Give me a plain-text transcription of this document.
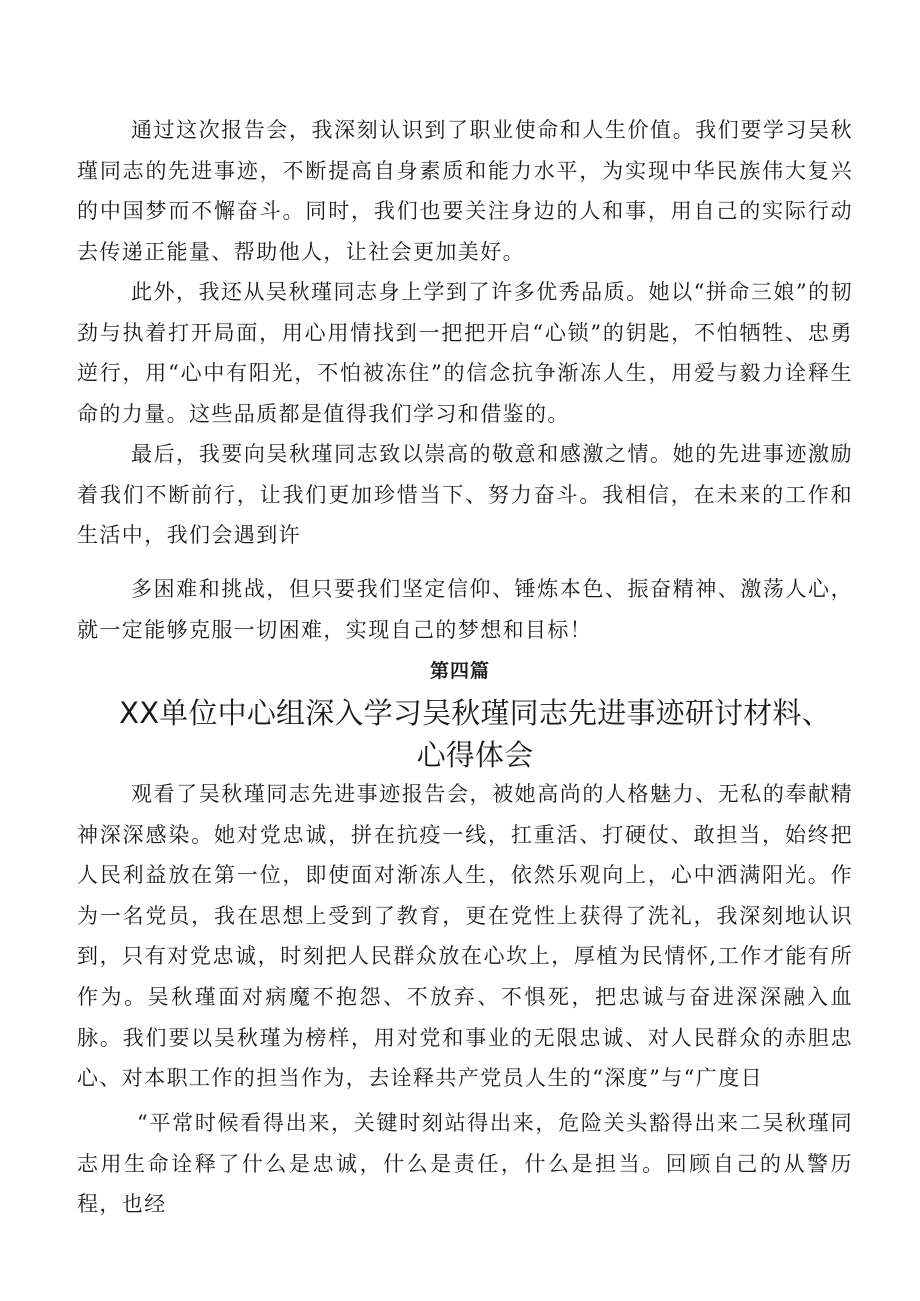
通过这次报告会，我深刻认识到了职业使命和人生价值。我们要学习吴秋瑾同志的先进事迹，不断提高自身素质和能力水平，为实现中华民族伟大复兴的中国梦而不懈奋斗。同时，我们也要关注身边的人和事，用自己的实际行动去传递正能量、帮助他人，让社会更加美好。

此外，我还从吴秋瑾同志身上学到了许多优秀品质。她以“拼命三娘”的韧劲与执着打开局面，用心用情找到一把把开启“心锁”的钥匙，不怕牺牲、忠勇逆行，用“心中有阳光，不怕被冻住”的信念抗争渐冻人生，用爱与毅力诠释生命的力量。这些品质都是值得我们学习和借鉴的。

最后，我要向吴秋瑾同志致以崇高的敬意和感激之情。她的先进事迹激励着我们不断前行，让我们更加珍惜当下、努力奋斗。我相信，在未来的工作和生活中，我们会遇到许

多困难和挑战，但只要我们坚定信仰、锤炼本色、振奋精神、激荡人心，就一定能够克服一切困难，实现自己的梦想和目标！

第四篇
XX单位中心组深入学习吴秋瑾同志先进事迹研讨材料、心得体会

观看了吴秋瑾同志先进事迹报告会，被她高尚的人格魅力、无私的奉献精神深深感染。她对党忠诚，拼在抗疫一线，扛重活、打硬仗、敢担当，始终把人民利益放在第一位，即使面对渐冻人生，依然乐观向上，心中洒满阳光。作为一名党员，我在思想上受到了教育，更在党性上获得了洗礼，我深刻地认识到，只有对党忠诚，时刻把人民群众放在心坎上，厚植为民情怀,工作才能有所作为。吴秋瑾面对病魔不抱怨、不放弃、不惧死，把忠诚与奋进深深融入血脉。我们要以吴秋瑾为榜样，用对党和事业的无限忠诚、对人民群众的赤胆忠心、对本职工作的担当作为，去诠释共产党员人生的“深度”与“广度日

“平常时候看得出来，关键时刻站得出来，危险关头豁得出来二吴秋瑾同志用生命诠释了什么是忠诚，什么是责任，什么是担当。回顾自己的从警历程，也经
